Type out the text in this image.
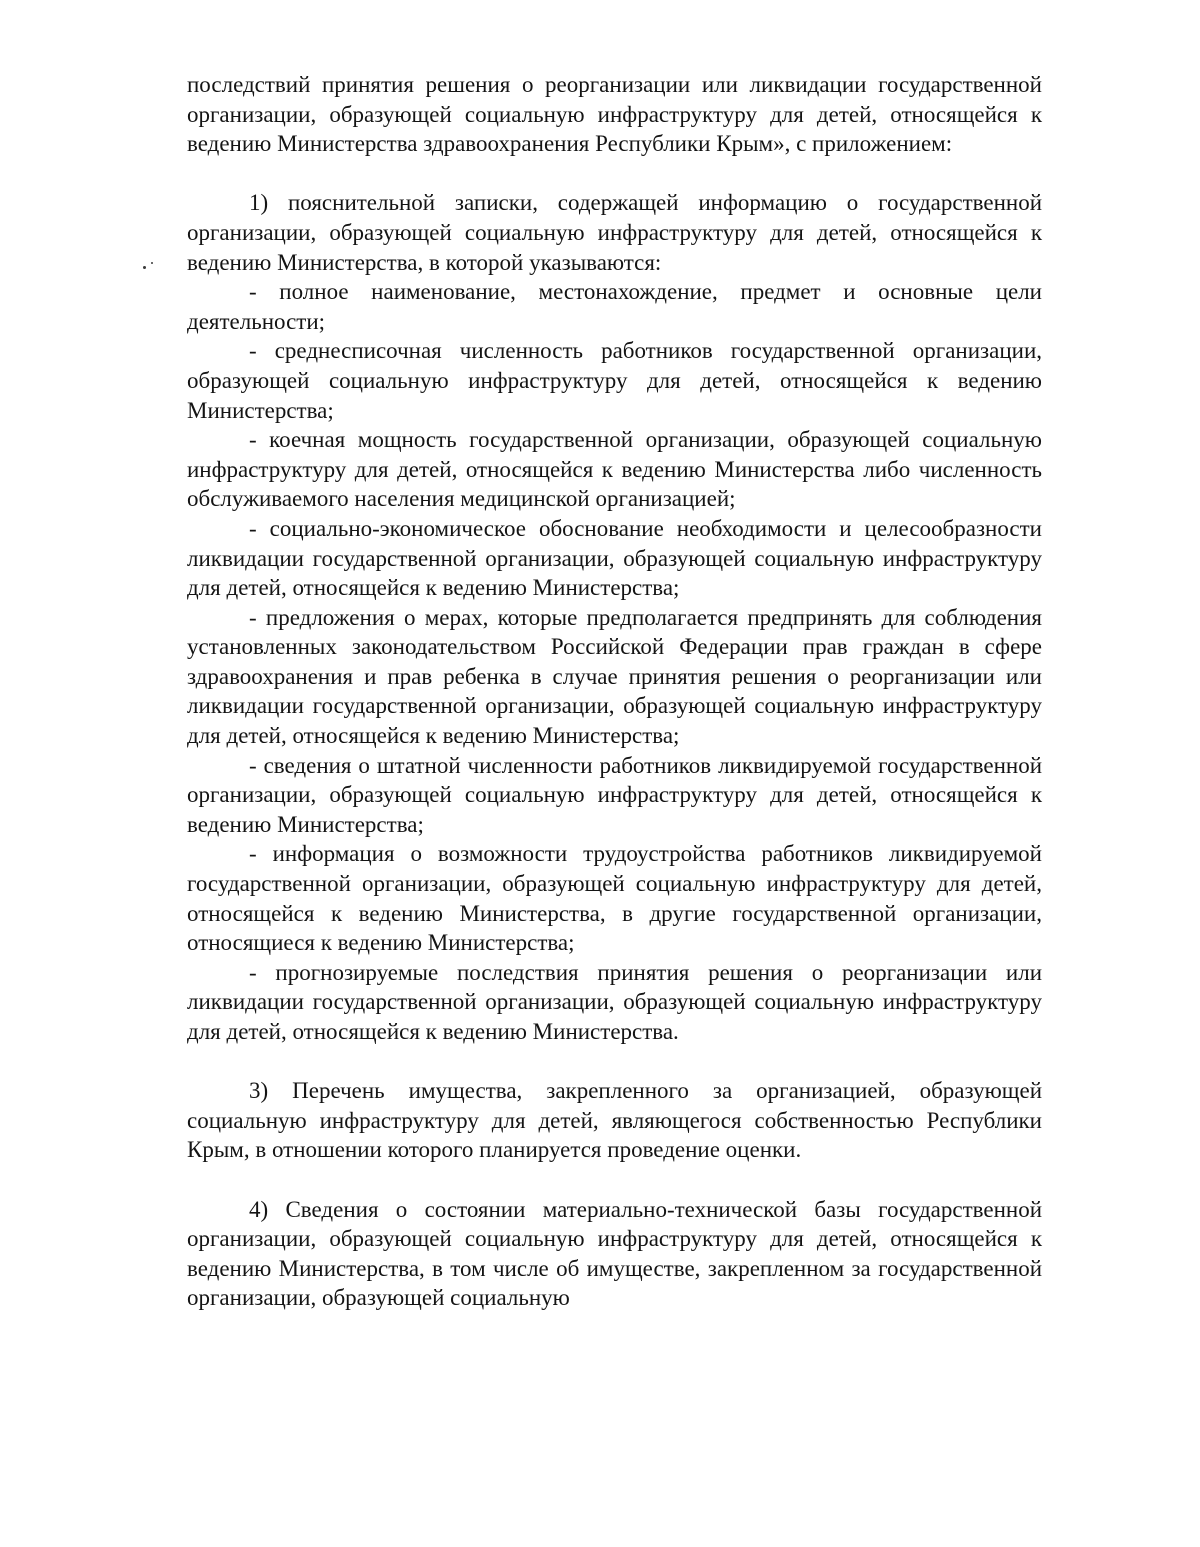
последствий принятия решения о реорганизации или ликвидации государственной организации, образующей социальную инфраструктуру для детей, относящейся к ведению Министерства здравоохранения Республики Крым», с приложением:

1) пояснительной записки, содержащей информацию о государственной организации, образующей социальную инфраструктуру для детей, относящейся к ведению Министерства, в которой указываются:

- полное наименование, местонахождение, предмет и основные цели деятельности;

- среднесписочная численность работников государственной организации, образующей социальную инфраструктуру для детей, относящейся к ведению Министерства;

- коечная мощность государственной организации, образующей социальную инфраструктуру для детей, относящейся к ведению Министерства либо численность обслуживаемого населения медицинской организацией;

- социально-экономическое обоснование необходимости и целесообразности ликвидации государственной организации, образующей социальную инфраструктуру для детей, относящейся к ведению Министерства;

- предложения о мерах, которые предполагается предпринять для соблюдения установленных законодательством Российской Федерации прав граждан в сфере здравоохранения и прав ребенка в случае принятия решения о реорганизации или ликвидации государственной организации, образующей социальную инфраструктуру для детей, относящейся к ведению Министерства;

- сведения о штатной численности работников ликвидируемой государственной организации, образующей социальную инфраструктуру для детей, относящейся к ведению Министерства;

- информация о возможности трудоустройства работников ликвидируемой государственной организации, образующей социальную инфраструктуру для детей, относящейся к ведению Министерства, в другие государственной организации, относящиеся к ведению Министерства;

- прогнозируемые последствия принятия решения о реорганизации или ликвидации государственной организации, образующей социальную инфраструктуру для детей, относящейся к ведению Министерства.

3) Перечень имущества, закрепленного за организацией, образующей социальную инфраструктуру для детей, являющегося собственностью Республики Крым, в отношении которого планируется проведение оценки.

4) Сведения о состоянии материально-технической базы государственной организации, образующей социальную инфраструктуру для детей, относящейся к ведению Министерства, в том числе об имуществе, закрепленном за государственной организации, образующей социальную
